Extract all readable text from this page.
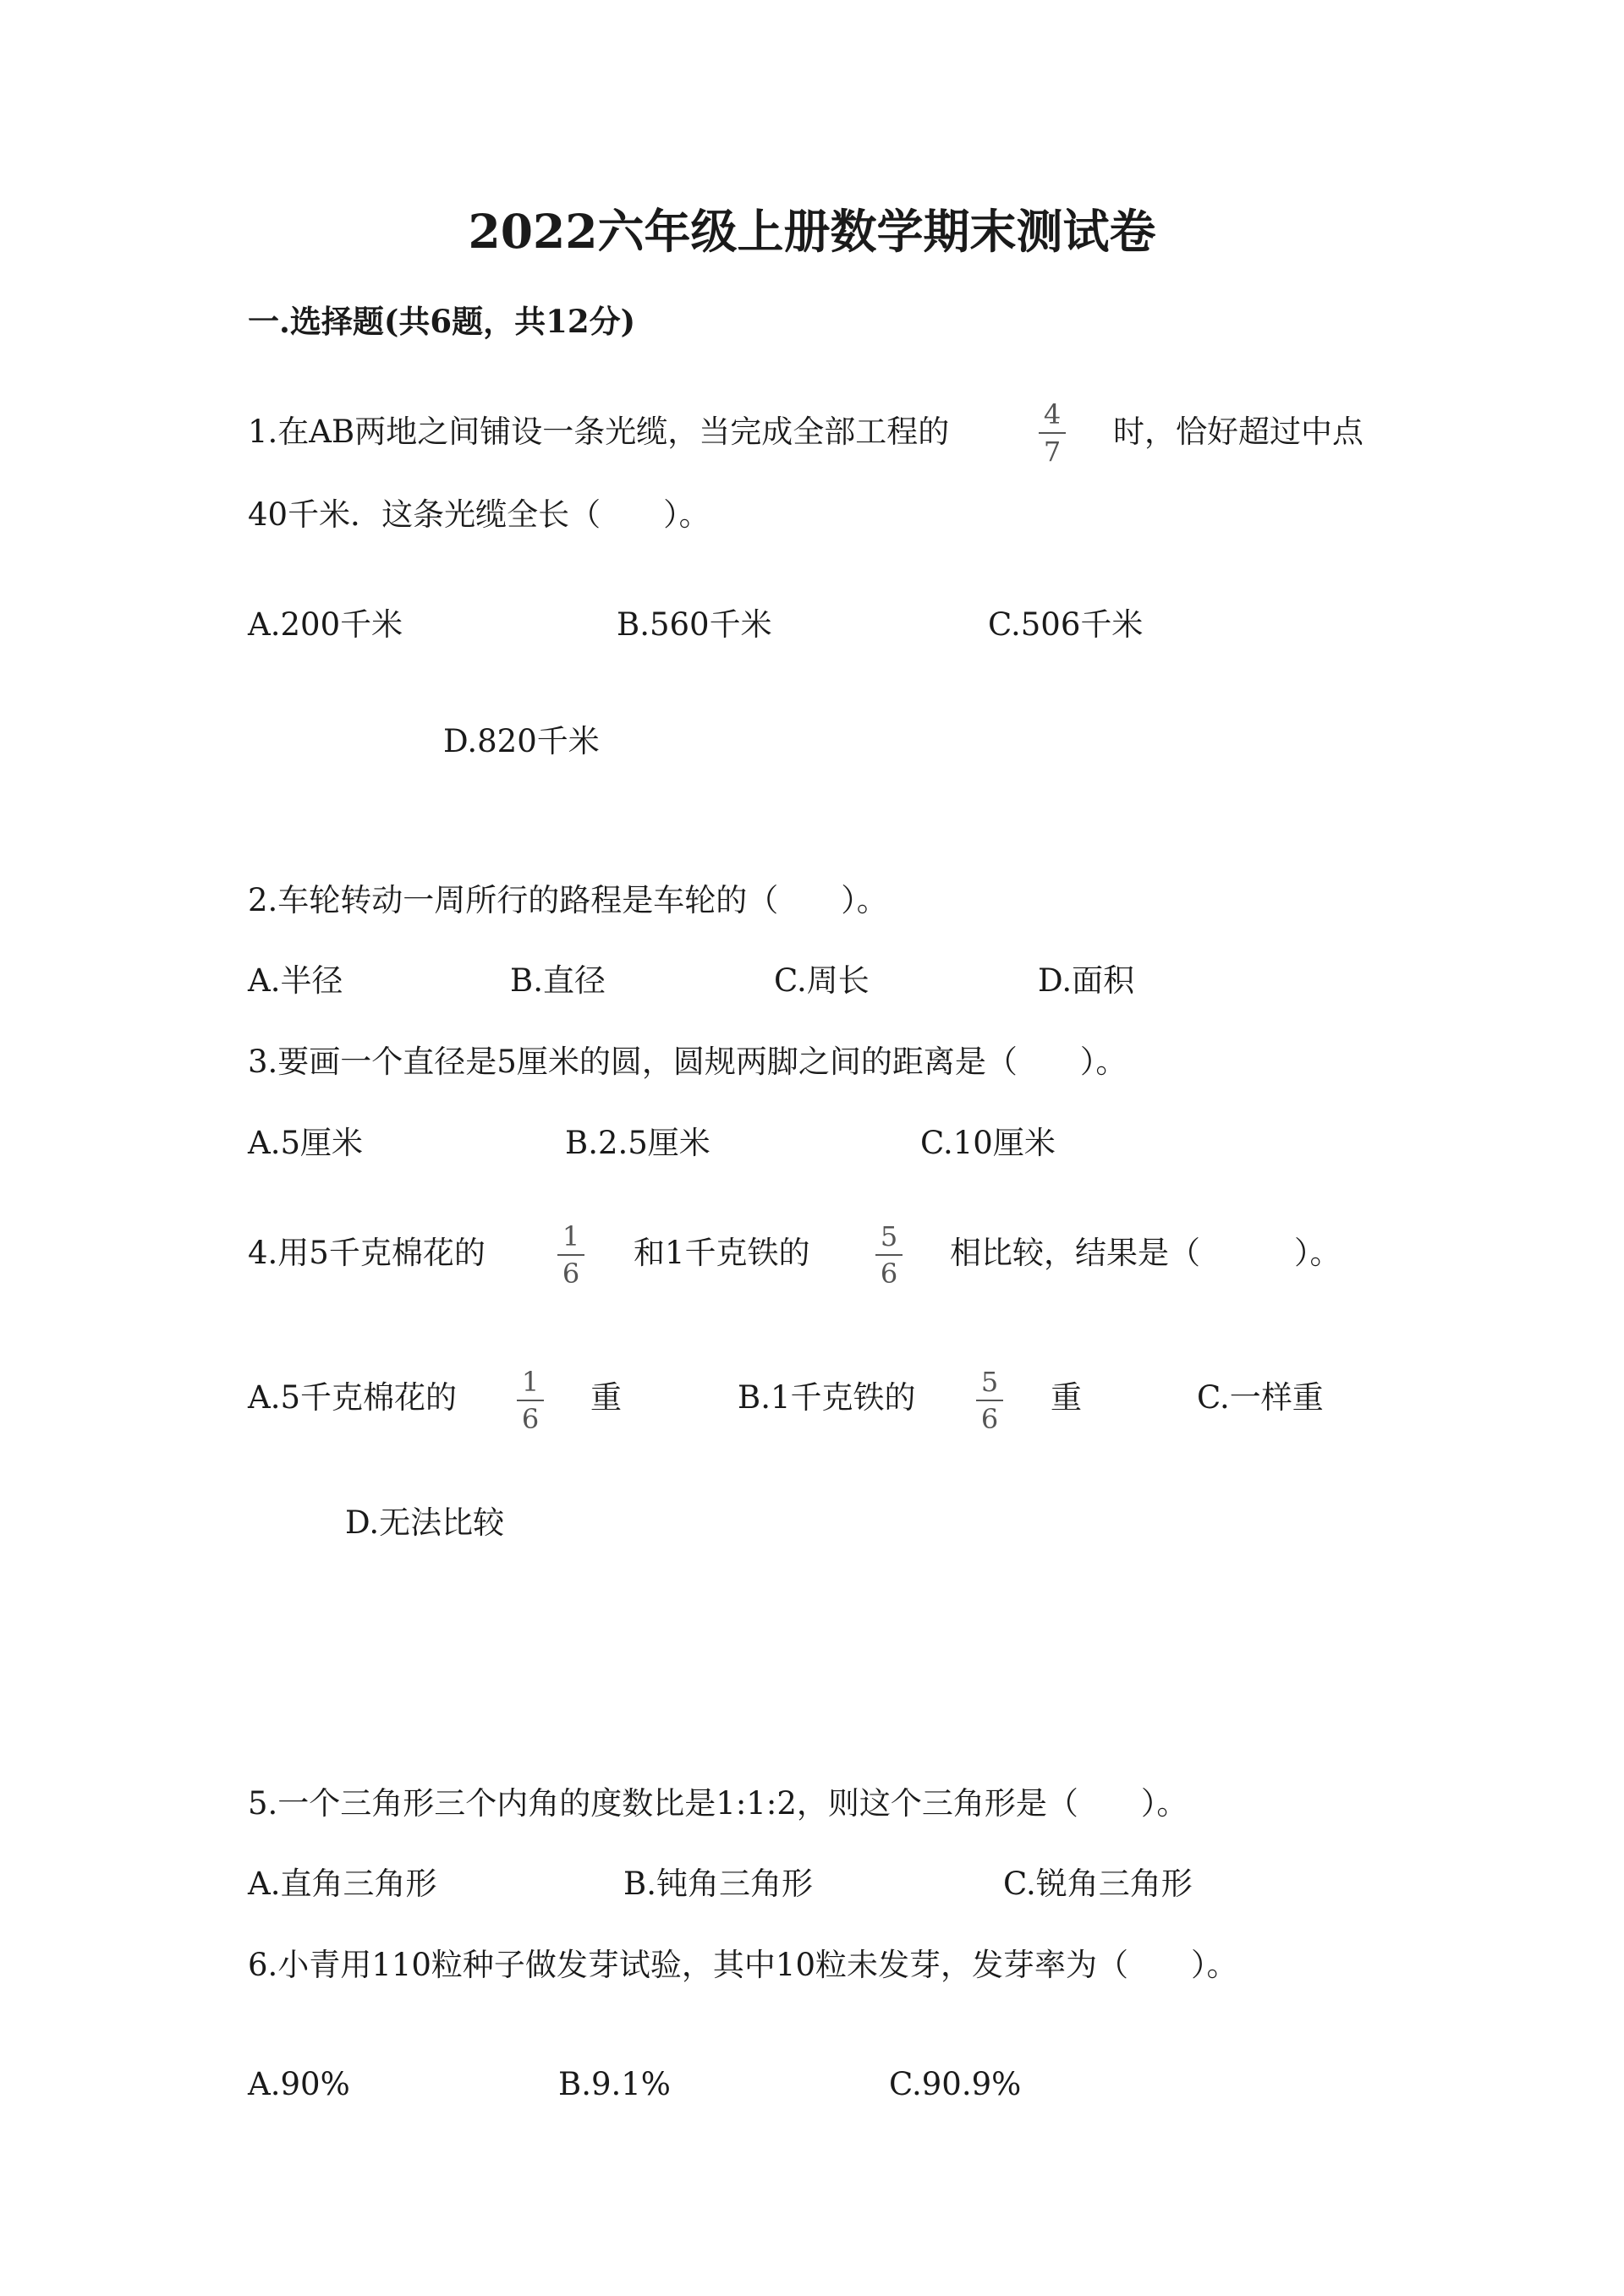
2022六年级上册数学期末测试卷
一.选择题(共6题，共12分)
1.在AB两地之间铺设一条光缆，当完成全部工程的	4
7
时，恰好超过中点
40千米．这条光缆全长（　　）。
A.200千米	B.560千米	C.506千米
D.820千米
2.车轮转动一周所行的路程是车轮的（　　）。
A.半径	B.直径	C.周长	D.面积
3.要画一个直径是5厘米的圆，圆规两脚之间的距离是（　　）。
A.5厘米	B.2.5厘米	C.10厘米
4.用5千克棉花的	1
6
和1千克铁的	5
6
相比较，结果是（　　　）。
A.5千克棉花的	1
6
重	B.1千克铁的	5
6
重	C.一样重
D.无法比较
5.一个三角形三个内角的度数比是1:1:2，则这个三角形是（　　）。
A.直角三角形	B.钝角三角形	C.锐角三角形
6.小青用110粒种子做发芽试验，其中10粒未发芽，发芽率为（　　）。
A.90%	B.9.1%	C.90.9%
